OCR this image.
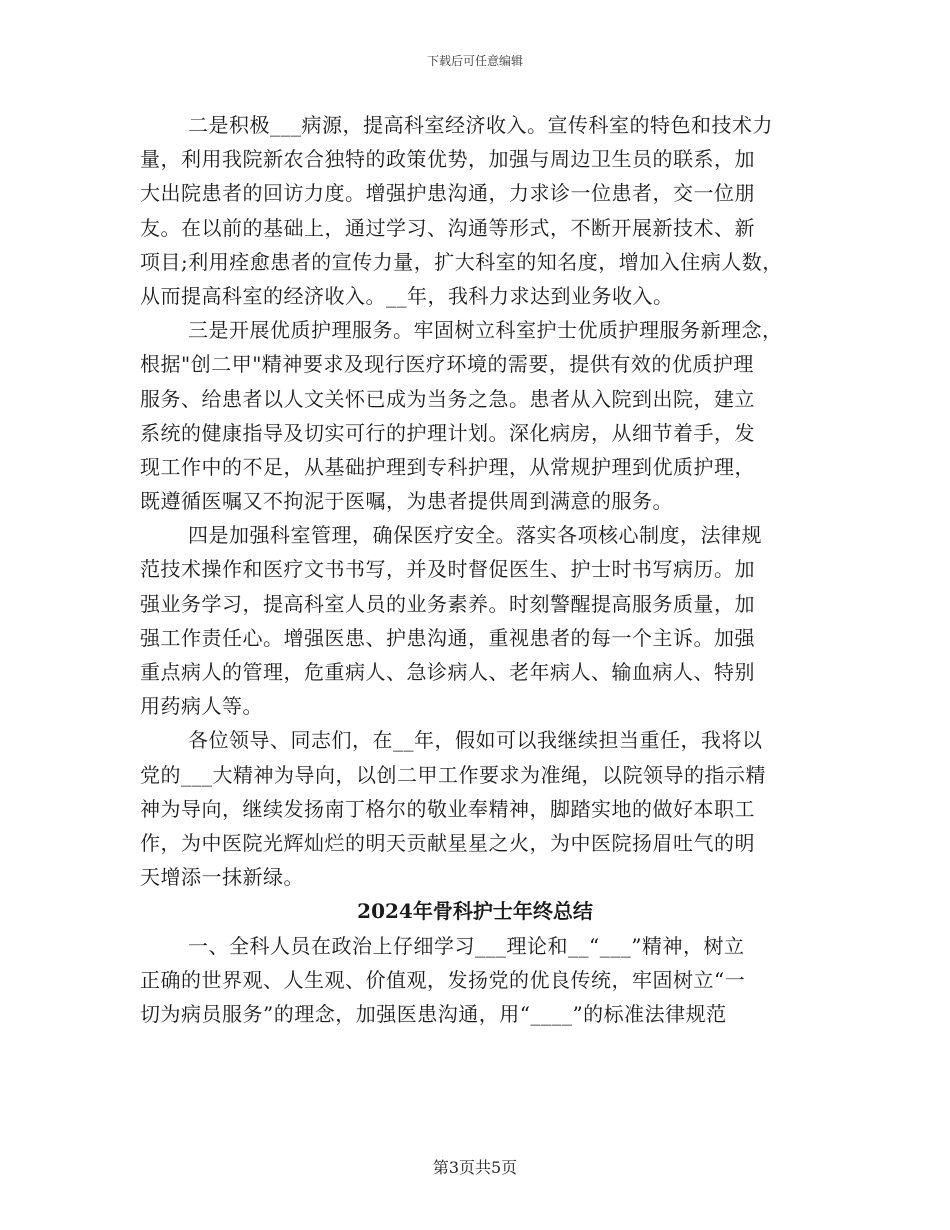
下载后可任意编辑
二是积极___病源，提高科室经济收入。宣传科室的特色和技术力
量，利用我院新农合独特的政策优势，加强与周边卫生员的联系，加
大出院患者的回访力度。增强护患沟通，力求诊一位患者，交一位朋
友。在以前的基础上，通过学习、沟通等形式，不断开展新技术、新
项目;利用痊愈患者的宣传力量，扩大科室的知名度，增加入住病人数，
从而提高科室的经济收入。__年，我科力求达到业务收入。
三是开展优质护理服务。牢固树立科室护士优质护理服务新理念，
根据"创二甲"精神要求及现行医疗环境的需要，提供有效的优质护理
服务、给患者以人文关怀已成为当务之急。患者从入院到出院，建立
系统的健康指导及切实可行的护理计划。深化病房，从细节着手，发
现工作中的不足，从基础护理到专科护理，从常规护理到优质护理，
既遵循医嘱又不拘泥于医嘱，为患者提供周到满意的服务。
四是加强科室管理，确保医疗安全。落实各项核心制度，法律规
范技术操作和医疗文书书写，并及时督促医生、护士时书写病历。加
强业务学习，提高科室人员的业务素养。时刻警醒提高服务质量，加
强工作责任心。增强医患、护患沟通，重视患者的每一个主诉。加强
重点病人的管理，危重病人、急诊病人、老年病人、输血病人、特别
用药病人等。
各位领导、同志们，在__年，假如可以我继续担当重任，我将以
党的___大精神为导向，以创二甲工作要求为准绳，以院领导的指示精
神为导向，继续发扬南丁格尔的敬业奉精神，脚踏实地的做好本职工
作，为中医院光辉灿烂的明天贡献星星之火，为中医院扬眉吐气的明
天增添一抹新绿。
2024年骨科护士年终总结
一、全科人员在政治上仔细学习___理论和__“___”精神，树立
正确的世界观、人生观、价值观，发扬党的优良传统，牢固树立“一
切为病员服务”的理念，加强医患沟通，用“____”的标准法律规范
第3页共5页
